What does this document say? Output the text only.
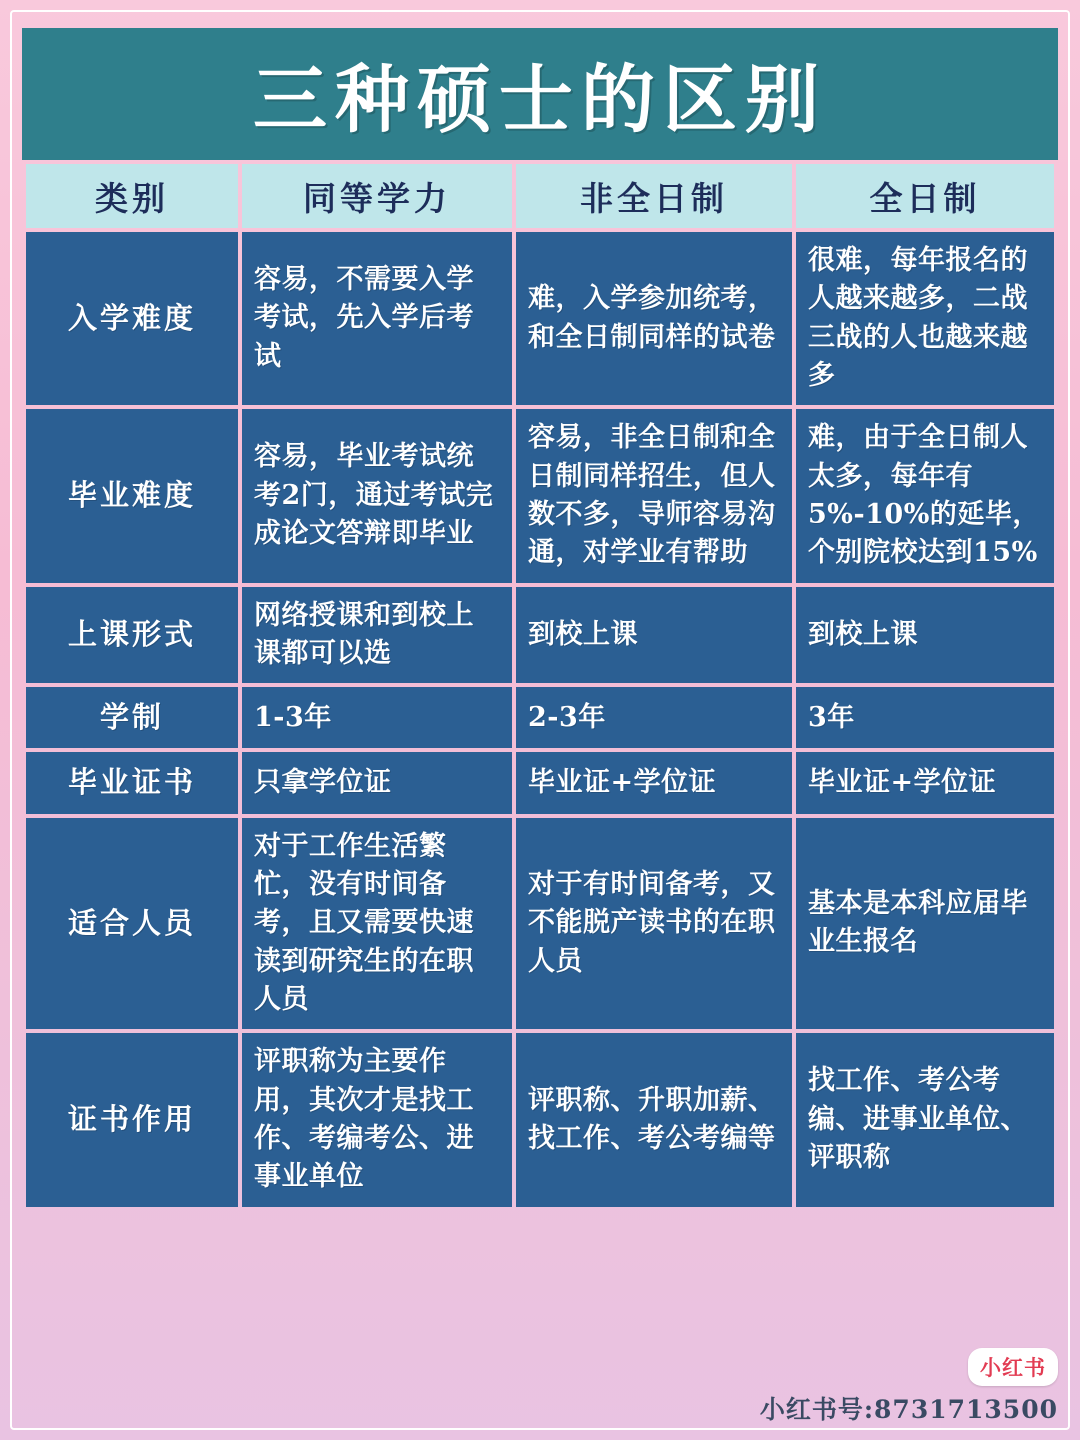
三种硕士的区别
类别	同等学力	非全日制	全日制
入学难度	容易，不需要入学考试，先入学后考试	难，入学参加统考，和全日制同样的试卷	很难，每年报名的人越来越多，二战三战的人也越来越多
毕业难度	容易，毕业考试统考2门，通过考试完成论文答辩即毕业	容易，非全日制和全日制同样招生，但人数不多，导师容易沟通，对学业有帮助	难，由于全日制人太多，每年有5%-10%的延毕，个别院校达到15%
上课形式	网络授课和到校上课都可以选	到校上课	到校上课
学制	1-3年	2-3年	3年
毕业证书	只拿学位证	毕业证+学位证	毕业证+学位证
适合人员	对于工作生活繁忙，没有时间备考，且又需要快速读到研究生的在职人员	对于有时间备考，又不能脱产读书的在职人员	基本是本科应届毕业生报名
证书作用	评职称为主要作用，其次才是找工作、考编考公、进事业单位	评职称、升职加薪、找工作、考公考编等	找工作、考公考编、进事业单位、评职称
小红书
小红书号:8731713500
